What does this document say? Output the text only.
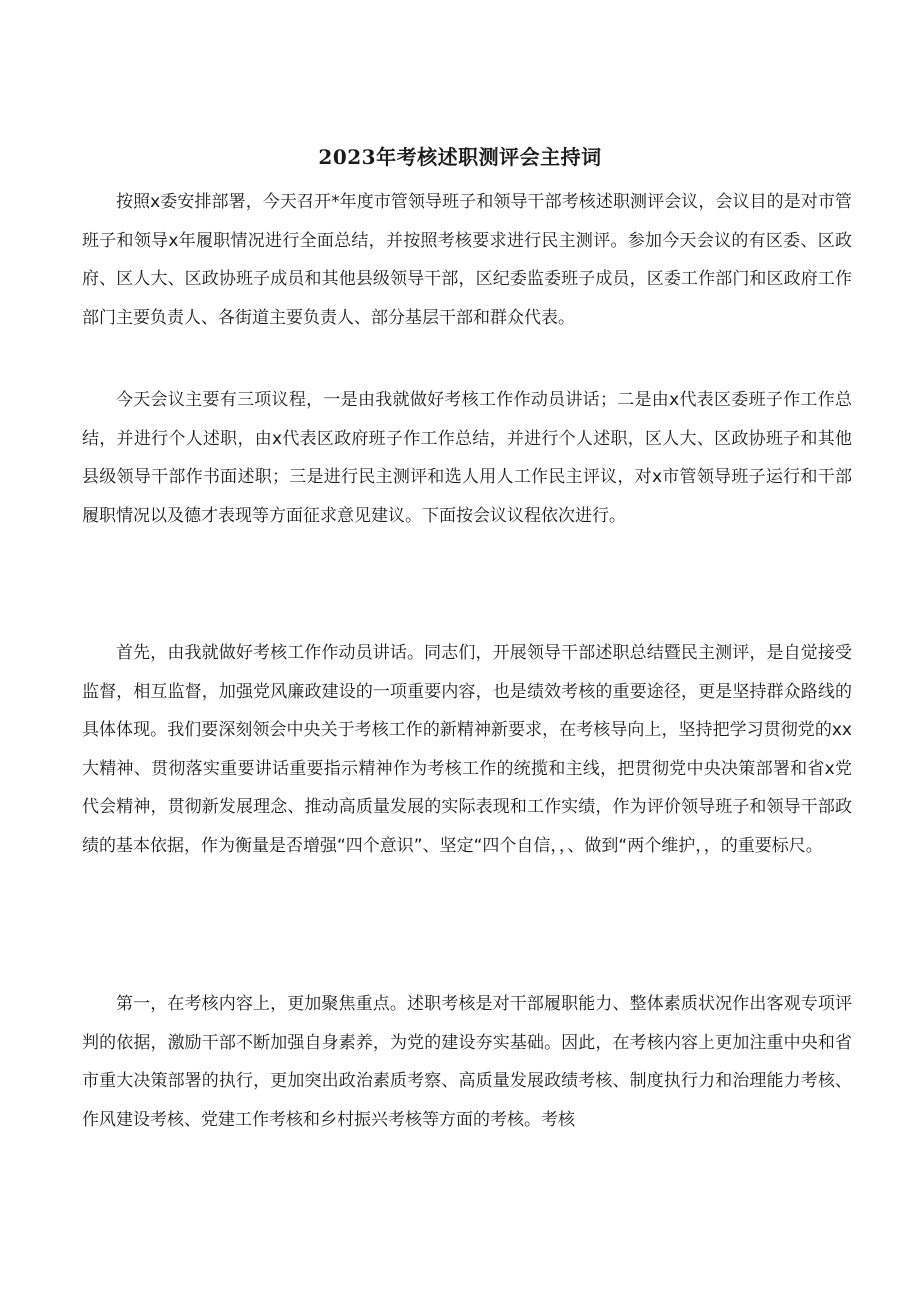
2023年考核述职测评会主持词

按照x委安排部署，今天召开*年度市管领导班子和领导干部考核述职测评会议，会议目的是对市管班子和领导x年履职情况进行全面总结，并按照考核要求进行民主测评。参加今天会议的有区委、区政府、区人大、区政协班子成员和其他县级领导干部，区纪委监委班子成员，区委工作部门和区政府工作部门主要负责人、各街道主要负责人、部分基层干部和群众代表。

今天会议主要有三项议程，一是由我就做好考核工作作动员讲话；二是由x代表区委班子作工作总结，并进行个人述职，由x代表区政府班子作工作总结，并进行个人述职，区人大、区政协班子和其他县级领导干部作书面述职；三是进行民主测评和选人用人工作民主评议，对x市管领导班子运行和干部履职情况以及德才表现等方面征求意见建议。下面按会议议程依次进行。

首先，由我就做好考核工作作动员讲话。同志们，开展领导干部述职总结暨民主测评，是自觉接受监督，相互监督，加强党风廉政建设的一项重要内容，也是绩效考核的重要途径，更是坚持群众路线的具体体现。我们要深刻领会中央关于考核工作的新精神新要求，在考核导向上，坚持把学习贯彻党的xx大精神、贯彻落实重要讲话重要指示精神作为考核工作的统揽和主线，把贯彻党中央决策部署和省x党代会精神，贯彻新发展理念、推动高质量发展的实际表现和工作实绩，作为评价领导班子和领导干部政绩的基本依据，作为衡量是否增强“四个意识”、坚定“四个自信，，、做到“两个维护，，的重要标尺。

第一，在考核内容上，更加聚焦重点。述职考核是对干部履职能力、整体素质状况作出客观专项评判的依据，激励干部不断加强自身素养，为党的建设夯实基础。因此，在考核内容上更加注重中央和省市重大决策部署的执行，更加突出政治素质考察、高质量发展政绩考核、制度执行力和治理能力考核、作风建设考核、党建工作考核和乡村振兴考核等方面的考核。考核
